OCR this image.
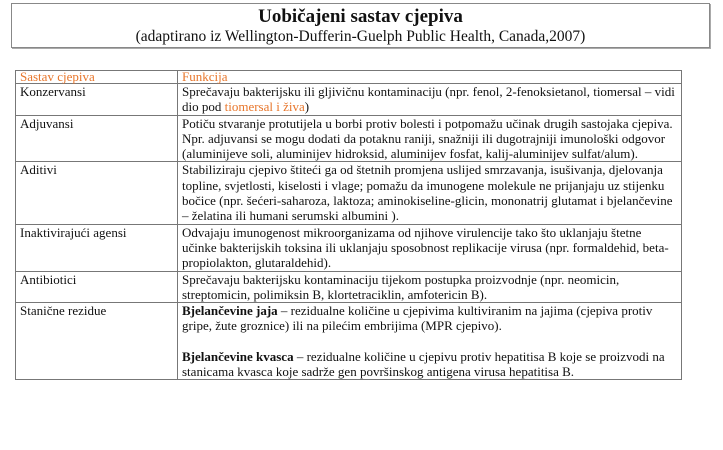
Uobičajeni sastav cjepiva
(adaptirano iz Wellington-Dufferin-Guelph Public Health, Canada,2007)
Sastav cjepiva	Funkcija
Konzervansi	Sprečavaju bakterijsku ili gljivičnu kontaminaciju (npr. fenol, 2-fenoksietanol, tiomersal – vidi dio pod tiomersal i živa)
Adjuvansi	Potiču stvaranje protutijela u borbi protiv bolesti i potpomažu učinak drugih sastojaka cjepiva. Npr. adjuvansi se mogu dodati da potaknu raniji, snažniji ili dugotrajniji imunološki odgovor (aluminijeve soli, aluminijev hidroksid, aluminijev fosfat, kalij-aluminijev sulfat/alum).
Aditivi	Stabiliziraju cjepivo štiteći ga od štetnih promjena uslijed smrzavanja, isušivanja, djelovanja topline, svjetlosti, kiselosti i vlage; pomažu da imunogene molekule ne prijanjaju uz stijenku bočice (npr. šećeri-saharoza, laktoza; aminokiseline-glicin, mononatrij glutamat i bjelančevine – želatina ili humani serumski albumini ).
Inaktivirajući agensi	Odvajaju imunogenost mikroorganizama od njihove virulencije tako što uklanjaju štetne učinke bakterijskih toksina ili uklanjaju sposobnost replikacije virusa (npr. formaldehid, beta-propiolakton, glutaraldehid).
Antibiotici	Sprečavaju bakterijsku kontaminaciju tijekom postupka proizvodnje (npr. neomicin, streptomicin, polimiksin B, klortetraciklin, amfotericin B).
Stanične rezidue	Bjelančevine jaja – rezidualne količine u cjepivima kultiviranim na jajima (cjepiva protiv gripe, žute groznice) ili na pilećim embrijima (MPR cjepivo).
Bjelančevine kvasca – rezidualne količine u cjepivu protiv hepatitisa B koje se proizvodi na stanicama kvasca koje sadrže gen površinskog antigena virusa hepatitisa B.
